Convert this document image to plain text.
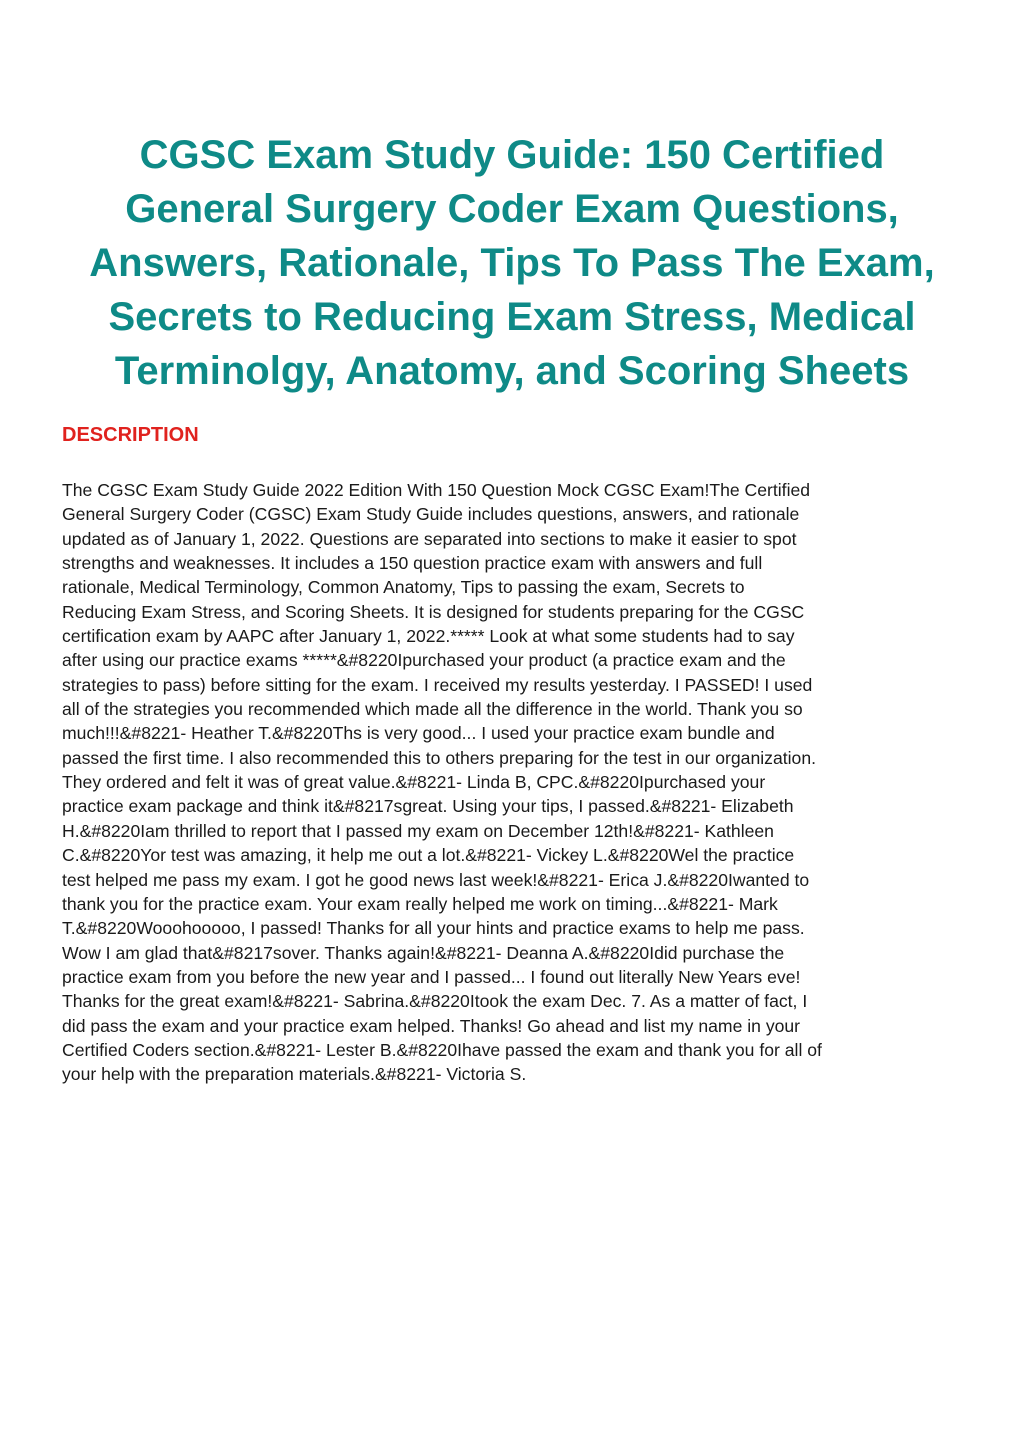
CGSC Exam Study Guide: 150 Certified
General Surgery Coder Exam Questions,
Answers, Rationale, Tips To Pass The Exam,
Secrets to Reducing Exam Stress, Medical
Terminolgy, Anatomy, and Scoring Sheets
DESCRIPTION
The CGSC Exam Study Guide 2022 Edition With 150 Question Mock CGSC Exam!The Certified
General Surgery Coder (CGSC) Exam Study Guide includes questions, answers, and rationale
updated as of January 1, 2022. Questions are separated into sections to make it easier to spot
strengths and weaknesses. It includes a 150 question practice exam with answers and full
rationale, Medical Terminology, Common Anatomy, Tips to passing the exam, Secrets to
Reducing Exam Stress, and Scoring Sheets. It is designed for students preparing for the CGSC
certification exam by AAPC after January 1, 2022.***** Look at what some students had to say
after using our practice exams *****&#8220Ipurchased your product (a practice exam and the
strategies to pass) before sitting for the exam. I received my results yesterday. I PASSED! I used
all of the strategies you recommended which made all the difference in the world. Thank you so
much!!!&#8221- Heather T.&#8220Ths is very good... I used your practice exam bundle and
passed the first time. I also recommended this to others preparing for the test in our organization.
They ordered and felt it was of great value.&#8221- Linda B, CPC.&#8220Ipurchased your
practice exam package and think it&#8217sgreat. Using your tips, I passed.&#8221- Elizabeth
H.&#8220Iam thrilled to report that I passed my exam on December 12th!&#8221- Kathleen
C.&#8220Yor test was amazing, it help me out a lot.&#8221- Vickey L.&#8220Wel the practice
test helped me pass my exam. I got he good news last week!&#8221- Erica J.&#8220Iwanted to
thank you for the practice exam. Your exam really helped me work on timing...&#8221- Mark
T.&#8220Wooohooooo, I passed! Thanks for all your hints and practice exams to help me pass.
Wow I am glad that&#8217sover. Thanks again!&#8221- Deanna A.&#8220Idid purchase the
practice exam from you before the new year and I passed... I found out literally New Years eve!
Thanks for the great exam!&#8221- Sabrina.&#8220Itook the exam Dec. 7. As a matter of fact, I
did pass the exam and your practice exam helped. Thanks! Go ahead and list my name in your
Certified Coders section.&#8221- Lester B.&#8220Ihave passed the exam and thank you for all of
your help with the preparation materials.&#8221- Victoria S.
